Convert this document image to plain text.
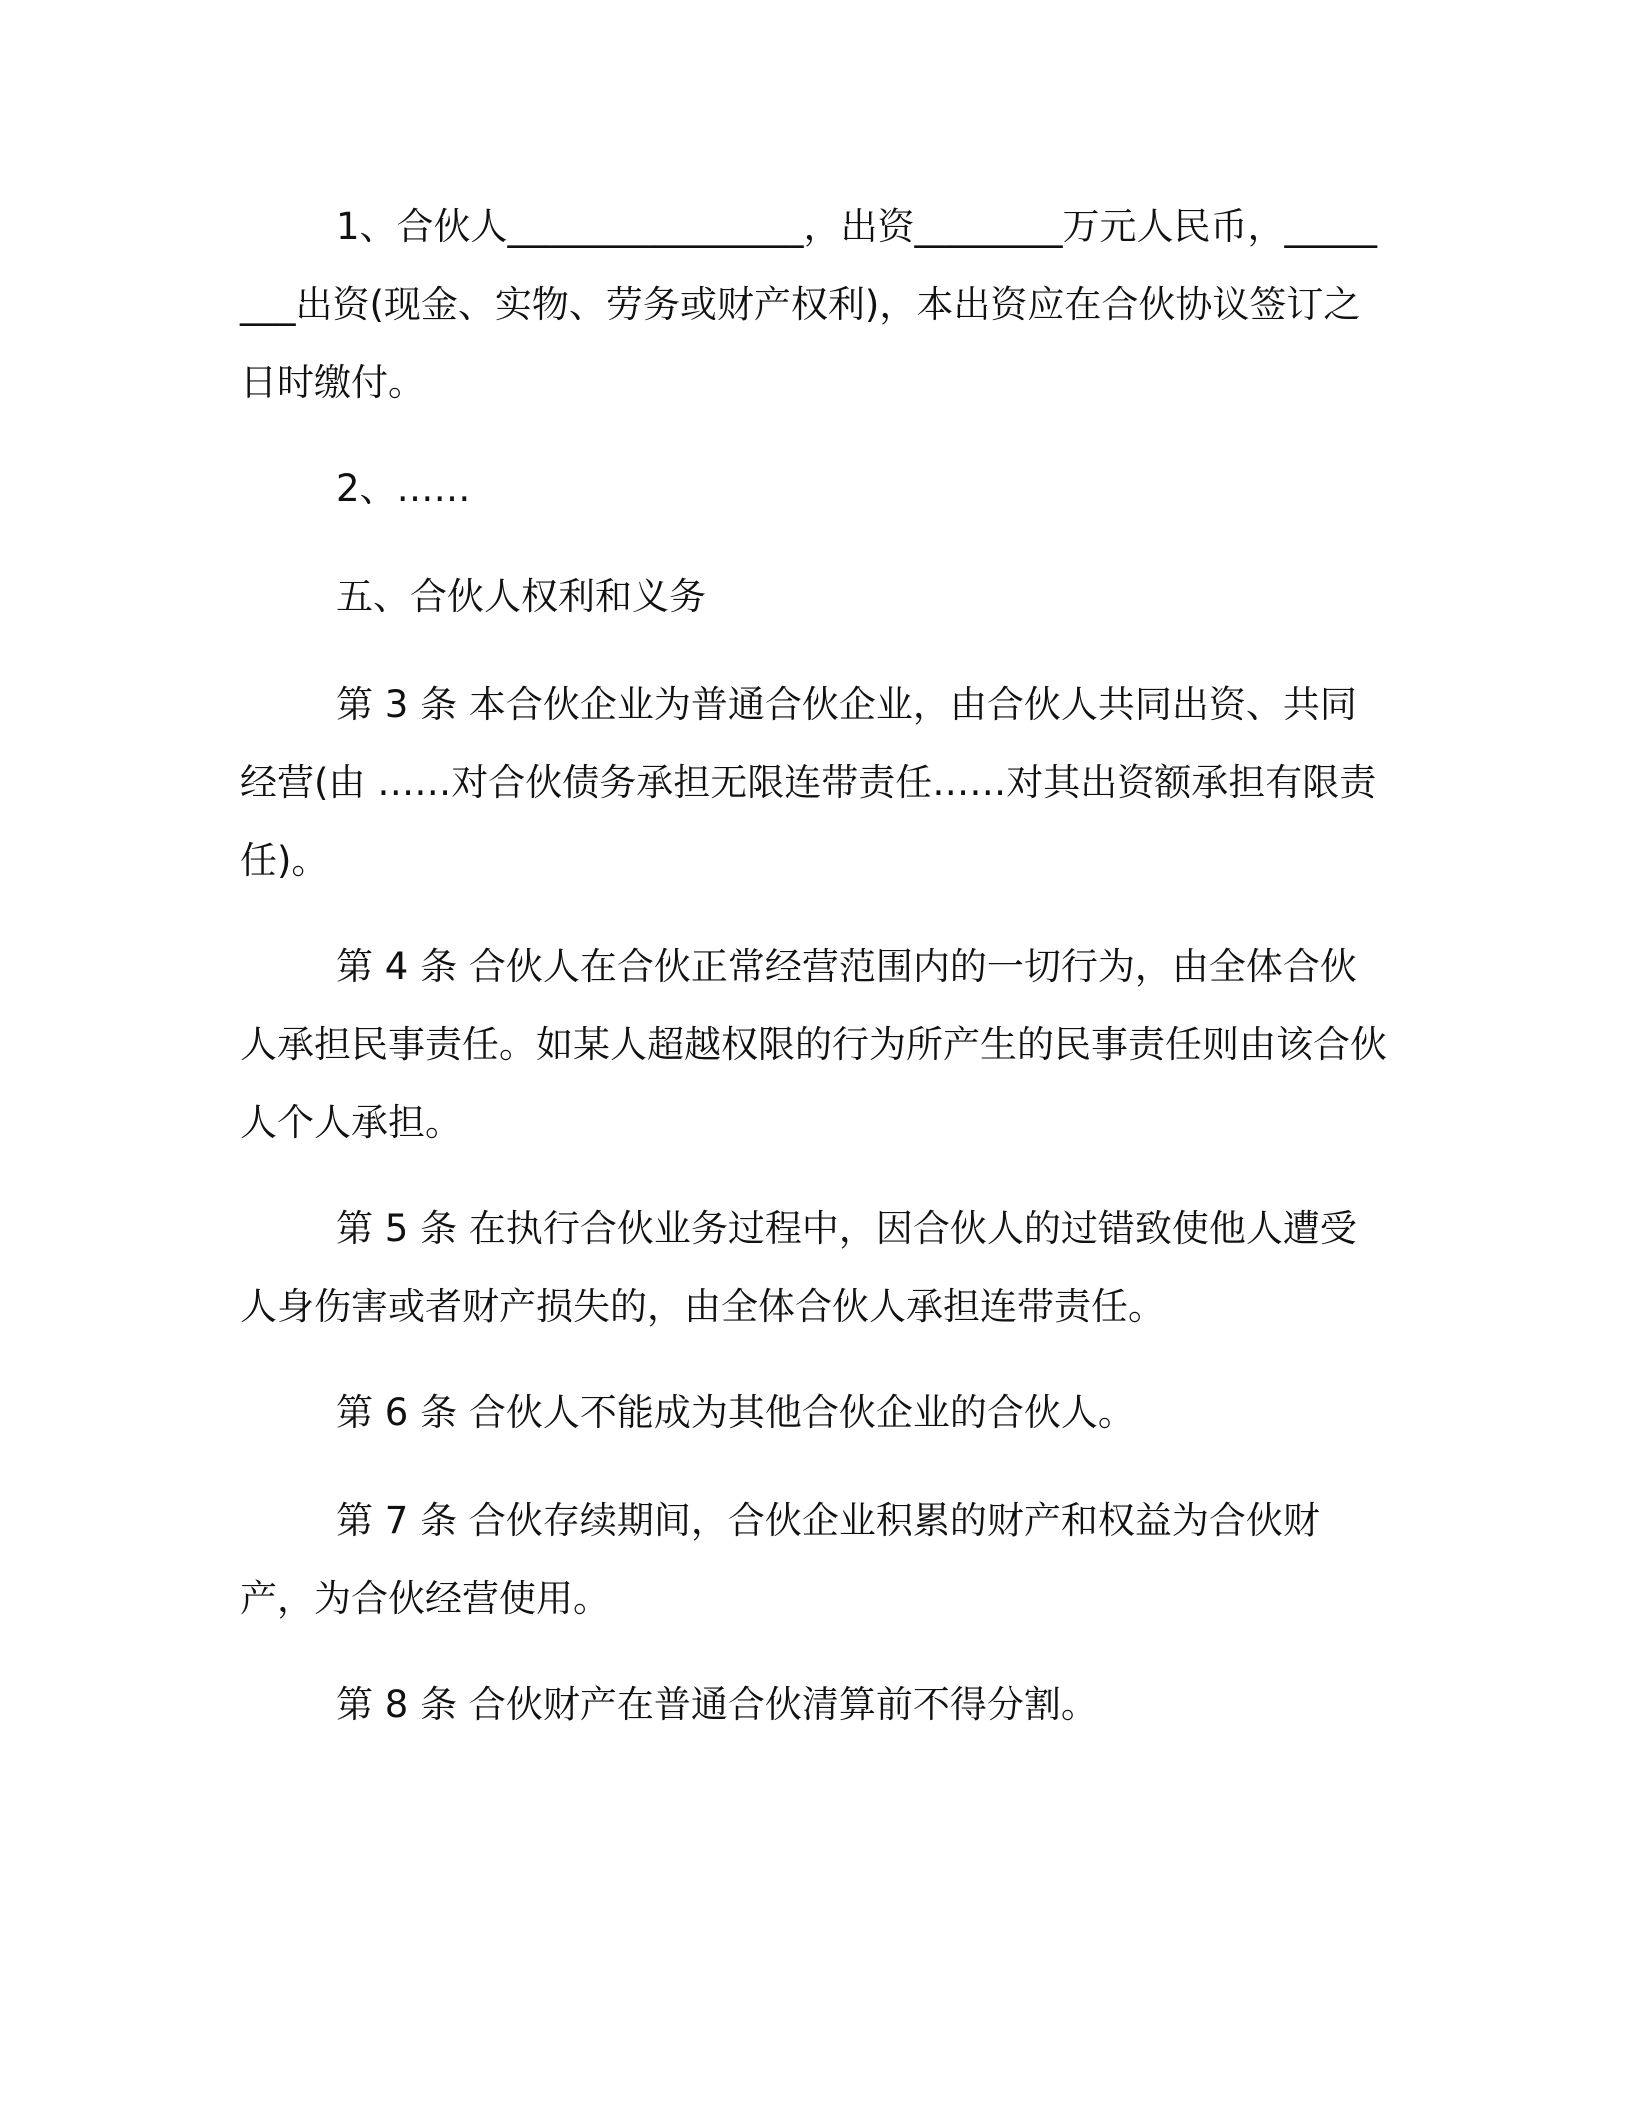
1、合伙人________________，出资________万元人民币，________出资(现金、实物、劳务或财产权利)，本出资应在合伙协议签订之日时缴付。

2、……

五、合伙人权利和义务

第 3 条 本合伙企业为普通合伙企业，由合伙人共同出资、共同经营(由 ……对合伙债务承担无限连带责任……对其出资额承担有限责任)。

第 4 条 合伙人在合伙正常经营范围内的一切行为，由全体合伙人承担民事责任。如某人超越权限的行为所产生的民事责任则由该合伙人个人承担。

第 5 条 在执行合伙业务过程中，因合伙人的过错致使他人遭受人身伤害或者财产损失的，由全体合伙人承担连带责任。

第 6 条 合伙人不能成为其他合伙企业的合伙人。

第 7 条 合伙存续期间，合伙企业积累的财产和权益为合伙财产，为合伙经营使用。

第 8 条 合伙财产在普通合伙清算前不得分割。
